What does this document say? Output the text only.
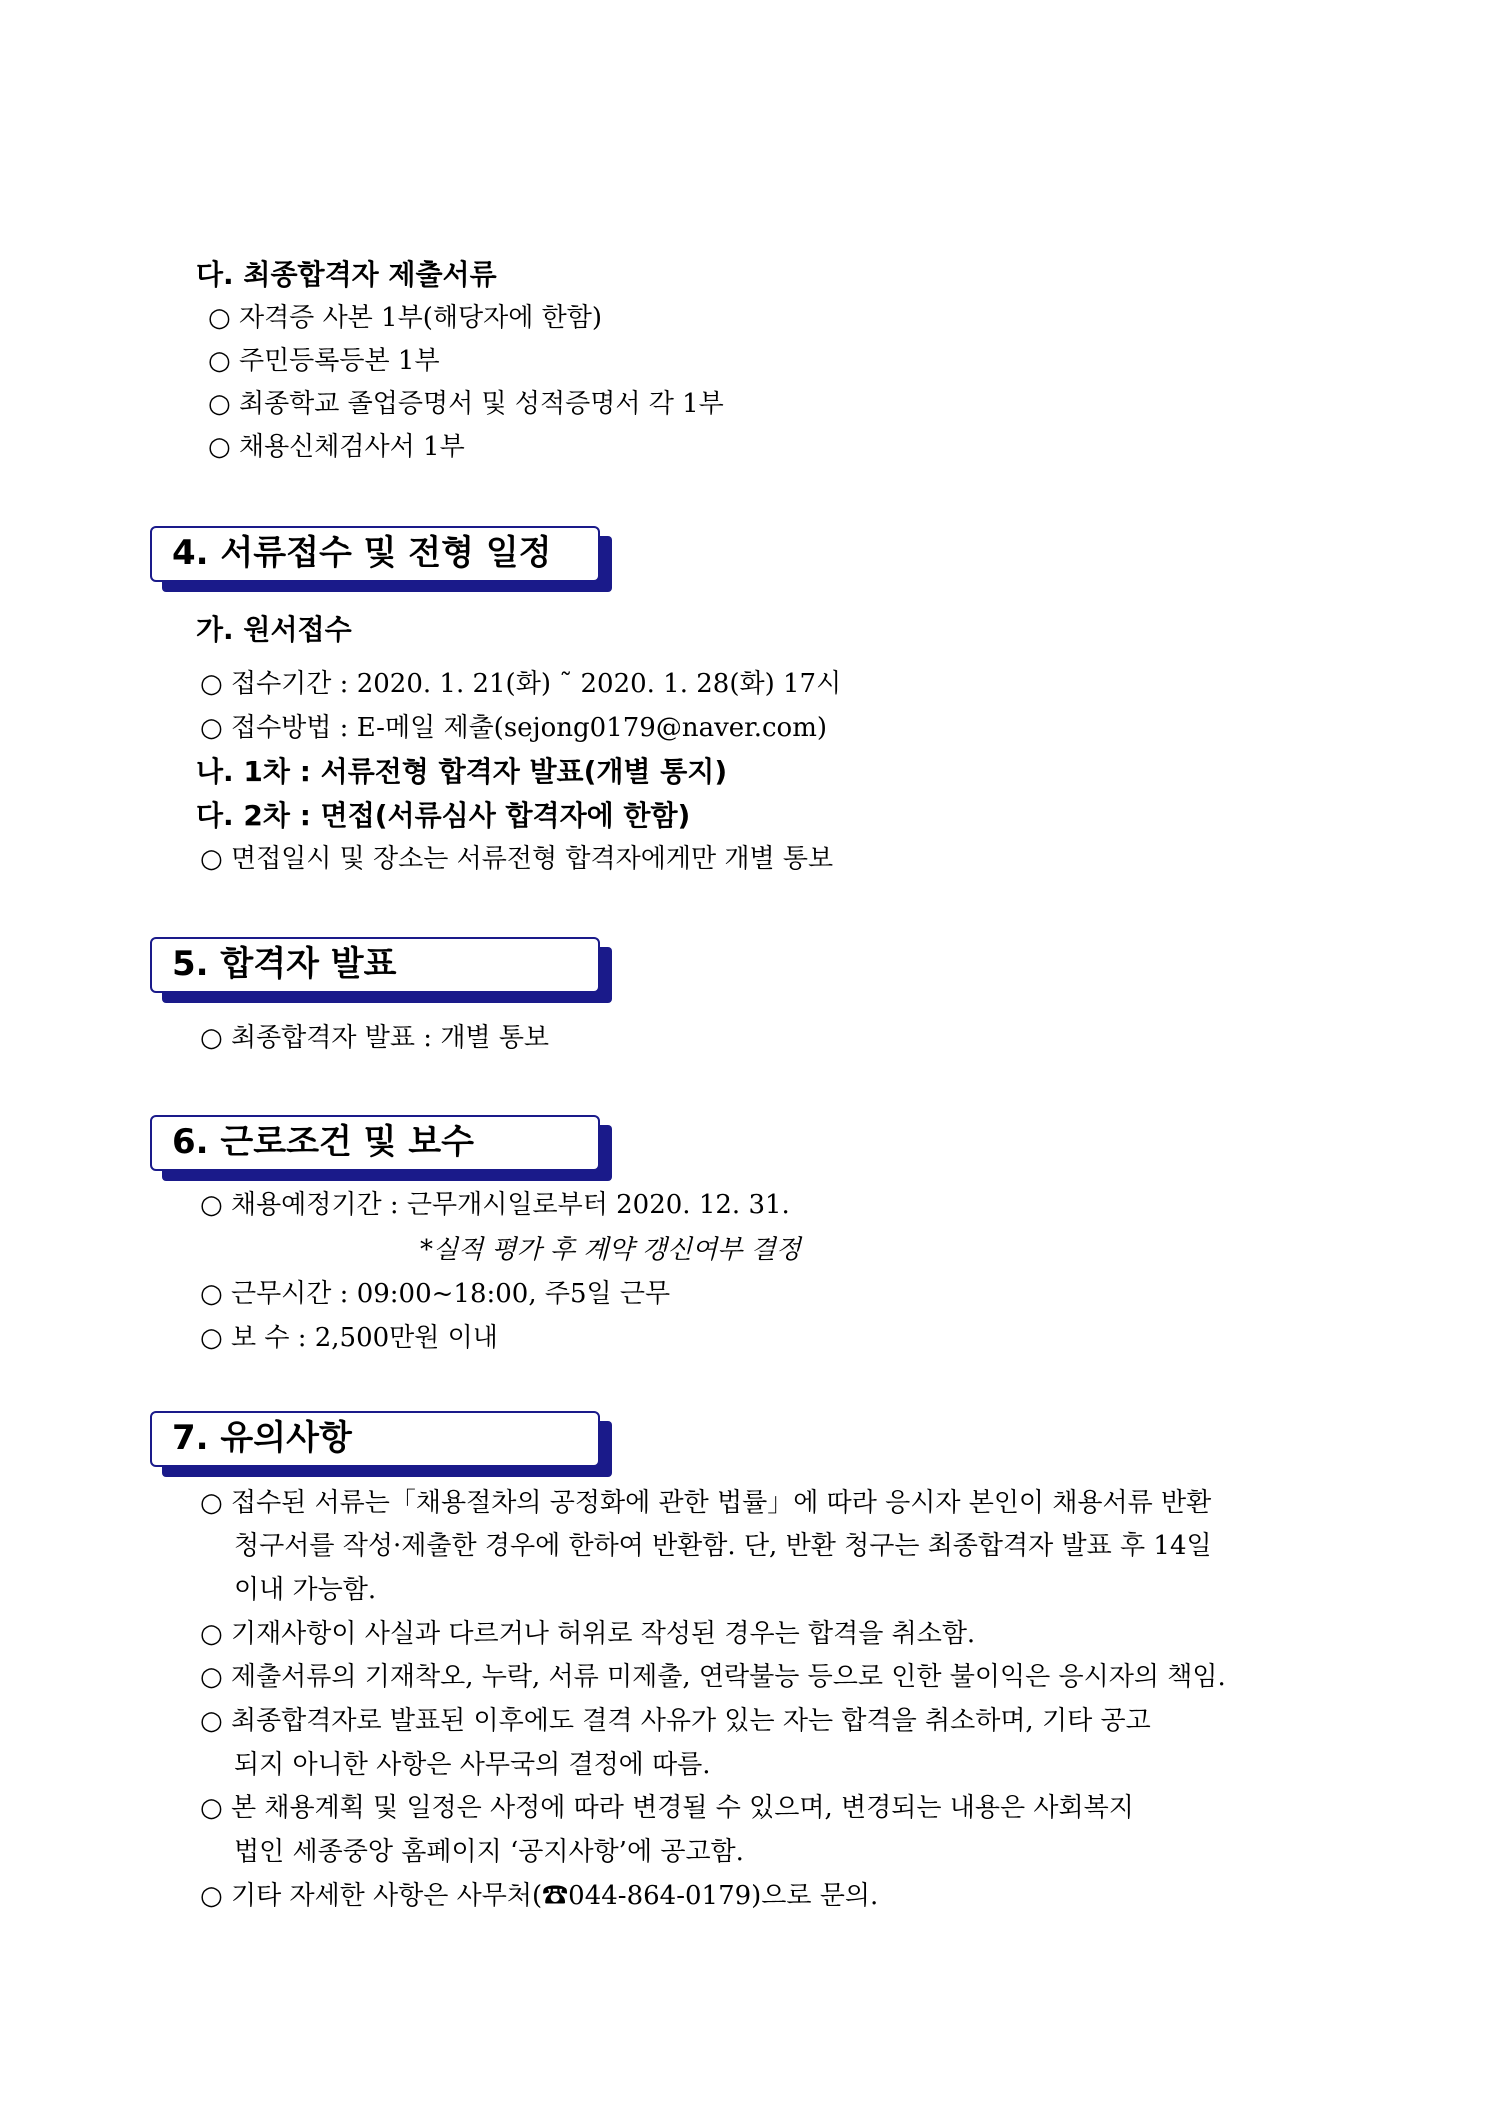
다. 최종합격자 제출서류
○ 자격증 사본 1부(해당자에 한함)
○ 주민등록등본 1부
○ 최종학교 졸업증명서 및 성적증명서 각 1부
○ 채용신체검사서 1부
4. 서류접수 및 전형 일정
가. 원서접수
○ 접수기간 : 2020. 1. 21(화) ˜ 2020. 1. 28(화) 17시
○ 접수방법 : E-메일 제출(sejong0179@naver.com)
나. 1차 : 서류전형 합격자 발표(개별 통지)
다. 2차 : 면접(서류심사 합격자에 한함)
○ 면접일시 및 장소는 서류전형 합격자에게만 개별 통보
5. 합격자 발표
○ 최종합격자 발표 : 개별 통보
6. 근로조건 및 보수
○ 채용예정기간 : 근무개시일로부터 2020. 12. 31.
*실적 평가 후 계약 갱신여부 결정
○ 근무시간 : 09:00~18:00, 주5일 근무
○ 보 수 : 2,500만원 이내
7. 유의사항
○ 접수된 서류는「채용절차의 공정화에 관한 법률」에 따라 응시자 본인이 채용서류 반환
청구서를 작성·제출한 경우에 한하여 반환함. 단, 반환 청구는 최종합격자 발표 후 14일
이내 가능함.
○ 기재사항이 사실과 다르거나 허위로 작성된 경우는 합격을 취소함.
○ 제출서류의 기재착오, 누락, 서류 미제출, 연락불능 등으로 인한 불이익은 응시자의 책임.
○ 최종합격자로 발표된 이후에도 결격 사유가 있는 자는 합격을 취소하며, 기타 공고
되지 아니한 사항은 사무국의 결정에 따름.
○ 본 채용계획 및 일정은 사정에 따라 변경될 수 있으며, 변경되는 내용은 사회복지
법인 세종중앙 홈페이지 ‘공지사항’에 공고함.
○ 기타 자세한 사항은 사무처(☎044-864-0179)으로 문의.
